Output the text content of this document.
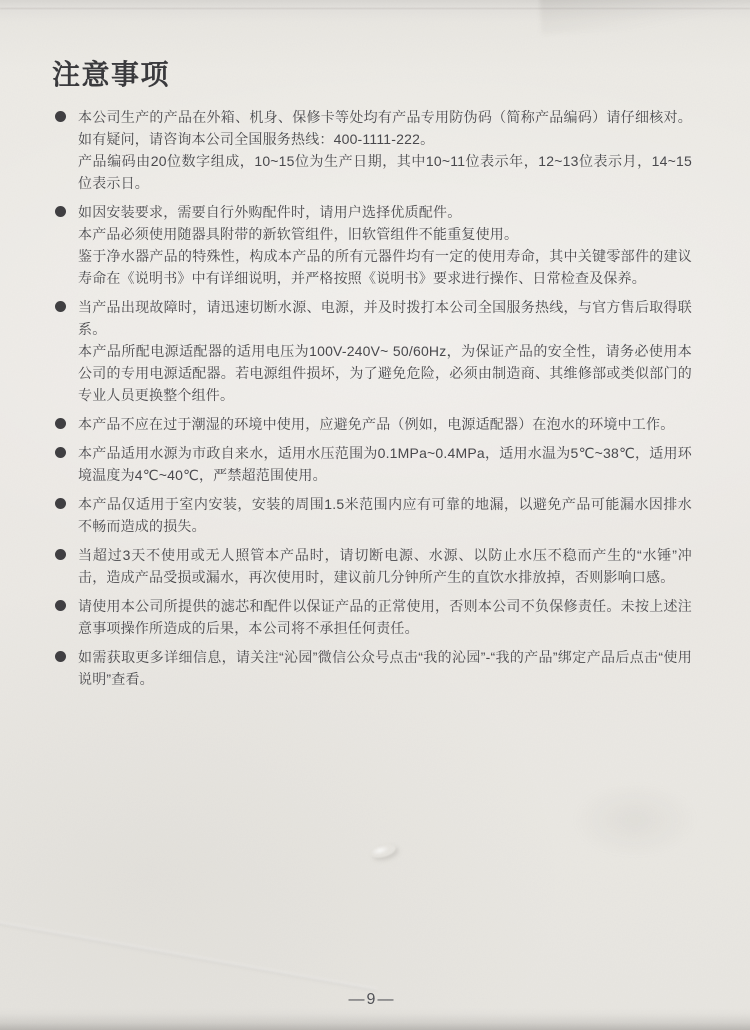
注意事项

本公司生产的产品在外箱、机身、保修卡等处均有产品专用防伪码（简称产品编码）请仔细核对。如有疑问，请咨询本公司全国服务热线：400-1111-222。

产品编码由20位数字组成，10~15位为生产日期，其中10~11位表示年，12~13位表示月，14~15位表示日。

如因安装要求，需要自行外购配件时，请用户选择优质配件。

本产品必须使用随器具附带的新软管组件，旧软管组件不能重复使用。

鉴于净水器产品的特殊性，构成本产品的所有元器件均有一定的使用寿命，其中关键零部件的建议寿命在《说明书》中有详细说明，并严格按照《说明书》要求进行操作、日常检查及保养。

当产品出现故障时，请迅速切断水源、电源，并及时拨打本公司全国服务热线，与官方售后取得联系。

本产品所配电源适配器的适用电压为100V-240V~ 50/60Hz，为保证产品的安全性，请务必使用本公司的专用电源适配器。若电源组件损坏，为了避免危险，必须由制造商、其维修部或类似部门的专业人员更换整个组件。

本产品不应在过于潮湿的环境中使用，应避免产品（例如，电源适配器）在泡水的环境中工作。

本产品适用水源为市政自来水，适用水压范围为0.1MPa~0.4MPa，适用水温为5℃~38℃，适用环境温度为4℃~40℃，严禁超范围使用。

本产品仅适用于室内安装，安装的周围1.5米范围内应有可靠的地漏，以避免产品可能漏水因排水不畅而造成的损失。

当超过3天不使用或无人照管本产品时，请切断电源、水源、以防止水压不稳而产生的“水锤”冲击，造成产品受损或漏水，再次使用时，建议前几分钟所产生的直饮水排放掉，否则影响口感。

请使用本公司所提供的滤芯和配件以保证产品的正常使用，否则本公司不负保修责任。未按上述注意事项操作所造成的后果，本公司将不承担任何责任。

如需获取更多详细信息，请关注“沁园”微信公众号点击“我的沁园”-“我的产品”绑定产品后点击“使用说明”查看。

—9—
